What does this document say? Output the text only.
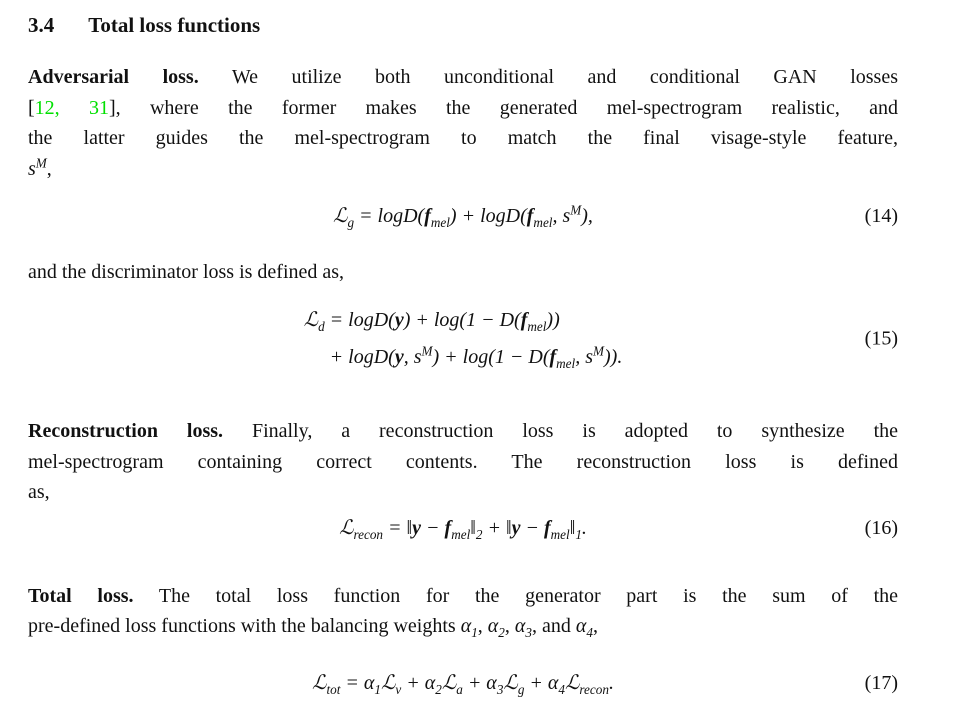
3.4 Total loss functions
Adversarial loss. We utilize both unconditional and conditional GAN losses
[12, 31], where the former makes the generated mel-spectrogram realistic, and
the latter guides the mel-spectrogram to match the final visage-style feature,
$s^M$,
ℒ$_g$ = $\log D(f_{mel}) + \log D(f_{mel}$, $s^M$),	(14)
and the discriminator loss is defined as,
ℒ$_d$ = $\log D(y) + \log(1 - D(f_{mel}))$
+ logD(y, $s^M) + \log(1 - D(f_{mel}$, $s^M$)).
(15)
Reconstruction loss. Finally, a reconstruction loss is adopted to synthesize the
mel-spectrogram containing correct contents. The reconstruction loss is defined
as,
ℒ$_{recon}$ = ‖y − $f_{mel}‖_2$ + ‖y − $f_{mel}‖_1$.	(16)
Total loss. The total loss function for the generator part is the sum of the
pre-defined loss functions with the balancing weights $\alpha_1$, $\alpha_2$, $\alpha_3$, and $\alpha_4$,
ℒ$_{tot}$ = $\alpha_1ℒ_v$ + $\alpha_2ℒ_a$ + $\alpha_3ℒ_g$ + $\alpha_4ℒ_{recon}$.	(17)
